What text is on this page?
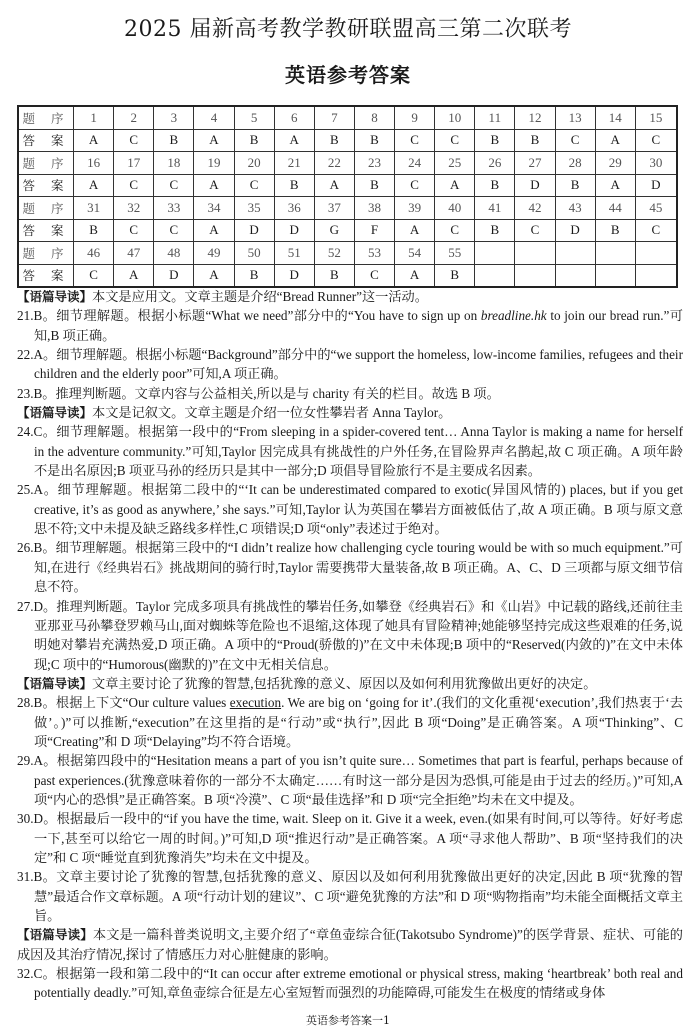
2025 届新高考教学教研联盟高三第二次联考
英语参考答案
题 序	1	2	3	4	5	6	7	8	9	10	11	12	13	14	15
答 案	A	C	B	A	B	A	B	B	C	C	B	B	C	A	C
题 序	16	17	18	19	20	21	22	23	24	25	26	27	28	29	30
答 案	A	C	C	A	C	B	A	B	C	A	B	D	B	A	D
题 序	31	32	33	34	35	36	37	38	39	40	41	42	43	44	45
答 案	B	C	C	A	D	D	G	F	A	C	B	C	D	B	C
题 序	46	47	48	49	50	51	52	53	54	55					
答 案	C	A	D	A	B	D	B	C	A	B					
【语篇导读】本文是应用文。文章主题是介绍“Bread Runner”这一活动。
21.B。细节理解题。根据小标题“What we need”部分中的“You have to sign up on breadline.hk to join our bread run.”可知,B 项正确。
22.A。细节理解题。根据小标题“Background”部分中的“we support the homeless, low-income families, refugees and their children and the elderly poor”可知,A 项正确。
23.B。推理判断题。文章内容与公益相关,所以是与 charity 有关的栏目。故选 B 项。
【语篇导读】本文是记叙文。文章主题是介绍一位女性攀岩者 Anna Taylor。
24.C。细节理解题。根据第一段中的“From sleeping in a spider-covered tent… Anna Taylor is making a name for herself in the adventure community.”可知,Taylor 因完成具有挑战性的户外任务,在冒险界声名鹊起,故 C 项正确。A 项年龄不是出名原因;B 项亚马孙的经历只是其中一部分;D 项倡导冒险旅行不是主要成名因素。
25.A。细节理解题。根据第二段中的“‘It can be underestimated compared to exotic(异国风情的) places, but if you get creative, it’s as good as anywhere,’ she says.”可知,Taylor 认为英国在攀岩方面被低估了,故 A 项正确。B 项与原文意思不符;文中未提及缺乏路线多样性,C 项错误;D 项“only”表述过于绝对。
26.B。细节理解题。根据第三段中的“I didn’t realize how challenging cycle touring would be with so much equipment.”可知,在进行《经典岩石》挑战期间的骑行时,Taylor 需要携带大量装备,故 B 项正确。A、C、D 三项都与原文细节信息不符。
27.D。推理判断题。Taylor 完成多项具有挑战性的攀岩任务,如攀登《经典岩石》和《山岩》中记载的路线,还前往圭亚那亚马孙攀登罗赖马山,面对蜘蛛等危险也不退缩,这体现了她具有冒险精神;她能够坚持完成这些艰难的任务,说明她对攀岩充满热爱,D 项正确。A 项中的“Proud(骄傲的)”在文中未体现;B 项中的“Reserved(内敛的)”在文中未体现;C 项中的“Humorous(幽默的)”在文中无相关信息。
【语篇导读】文章主要讨论了犹豫的智慧,包括犹豫的意义、原因以及如何利用犹豫做出更好的决定。
28.B。根据上下文“Our culture values execution. We are big on ‘going for it’.(我们的文化重视‘execution’,我们热衷于‘去做’。)”可以推断,“execution”在这里指的是“行动”或“执行”,因此 B 项“Doing”是正确答案。A 项“Thinking”、C 项“Creating”和 D 项“Delaying”均不符合语境。
29.A。根据第四段中的“Hesitation means a part of you isn’t quite sure… Sometimes that part is fearful, perhaps because of past experiences.(犹豫意味着你的一部分不太确定……有时这一部分是因为恐惧,可能是由于过去的经历。)”可知,A 项“内心的恐惧”是正确答案。B 项“冷漠”、C 项“最佳选择”和 D 项“完全拒绝”均未在文中提及。
30.D。根据最后一段中的“if you have the time, wait. Sleep on it. Give it a week, even.(如果有时间,可以等待。好好考虑一下,甚至可以给它一周的时间。)”可知,D 项“推迟行动”是正确答案。A 项“寻求他人帮助”、B 项“坚持我们的决定”和 C 项“睡觉直到犹豫消失”均未在文中提及。
31.B。文章主要讨论了犹豫的智慧,包括犹豫的意义、原因以及如何利用犹豫做出更好的决定,因此 B 项“犹豫的智慧”最适合作文章标题。A 项“行动计划的建议”、C 项“避免犹豫的方法”和 D 项“购物指南”均未能全面概括文章主旨。
【语篇导读】本文是一篇科普类说明文,主要介绍了“章鱼壶综合征(Takotsubo Syndrome)”的医学背景、症状、可能的成因及其治疗情况,探讨了情感压力对心脏健康的影响。
32.C。根据第一段和第二段中的“It can occur after extreme emotional or physical stress, making ‘heartbreak’ both real and potentially deadly.”可知,章鱼壶综合征是左心室短暂而强烈的功能障碍,可能发生在极度的情绪或身体
英语参考答案一1
